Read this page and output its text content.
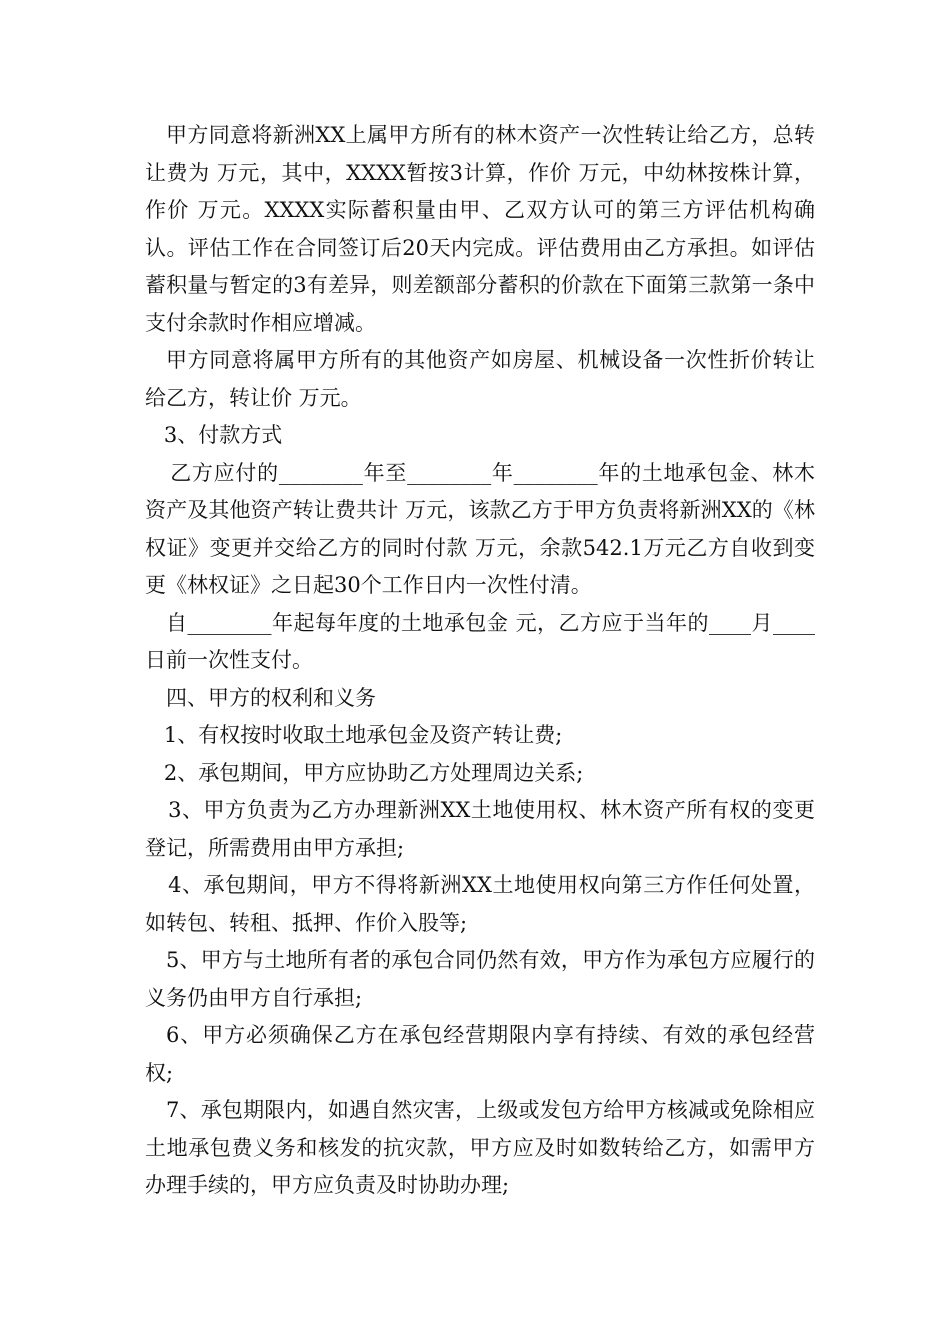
甲方同意将新洲XX上属甲方所有的林木资产一次性转让给乙方，总转让费为 万元，其中，XXXX暂按3计算，作价 万元，中幼林按株计算，作价 万元。XXXX实际蓄积量由甲、乙双方认可的第三方评估机构确认。评估工作在合同签订后20天内完成。评估费用由乙方承担。如评估蓄积量与暂定的3有差异，则差额部分蓄积的价款在下面第三款第一条中支付余款时作相应增减。

甲方同意将属甲方所有的其他资产如房屋、机械设备一次性折价转让给乙方，转让价 万元。

3、付款方式

乙方应付的________年至________年________年的土地承包金、林木资产及其他资产转让费共计 万元，该款乙方于甲方负责将新洲XX的《林权证》变更并交给乙方的同时付款 万元，余款542.1万元乙方自收到变更《林权证》之日起30个工作日内一次性付清。

自________年起每年度的土地承包金 元，乙方应于当年的____月____日前一次性支付。

四、甲方的权利和义务

1、有权按时收取土地承包金及资产转让费;

2、承包期间，甲方应协助乙方处理周边关系;

3、甲方负责为乙方办理新洲XX土地使用权、林木资产所有权的变更登记，所需费用由甲方承担;

4、承包期间，甲方不得将新洲XX土地使用权向第三方作任何处置，如转包、转租、抵押、作价入股等;

5、甲方与土地所有者的承包合同仍然有效，甲方作为承包方应履行的义务仍由甲方自行承担;

6、甲方必须确保乙方在承包经营期限内享有持续、有效的承包经营权;

7、承包期限内，如遇自然灾害，上级或发包方给甲方核减或免除相应土地承包费义务和核发的抗灾款，甲方应及时如数转给乙方，如需甲方办理手续的，甲方应负责及时协助办理;
